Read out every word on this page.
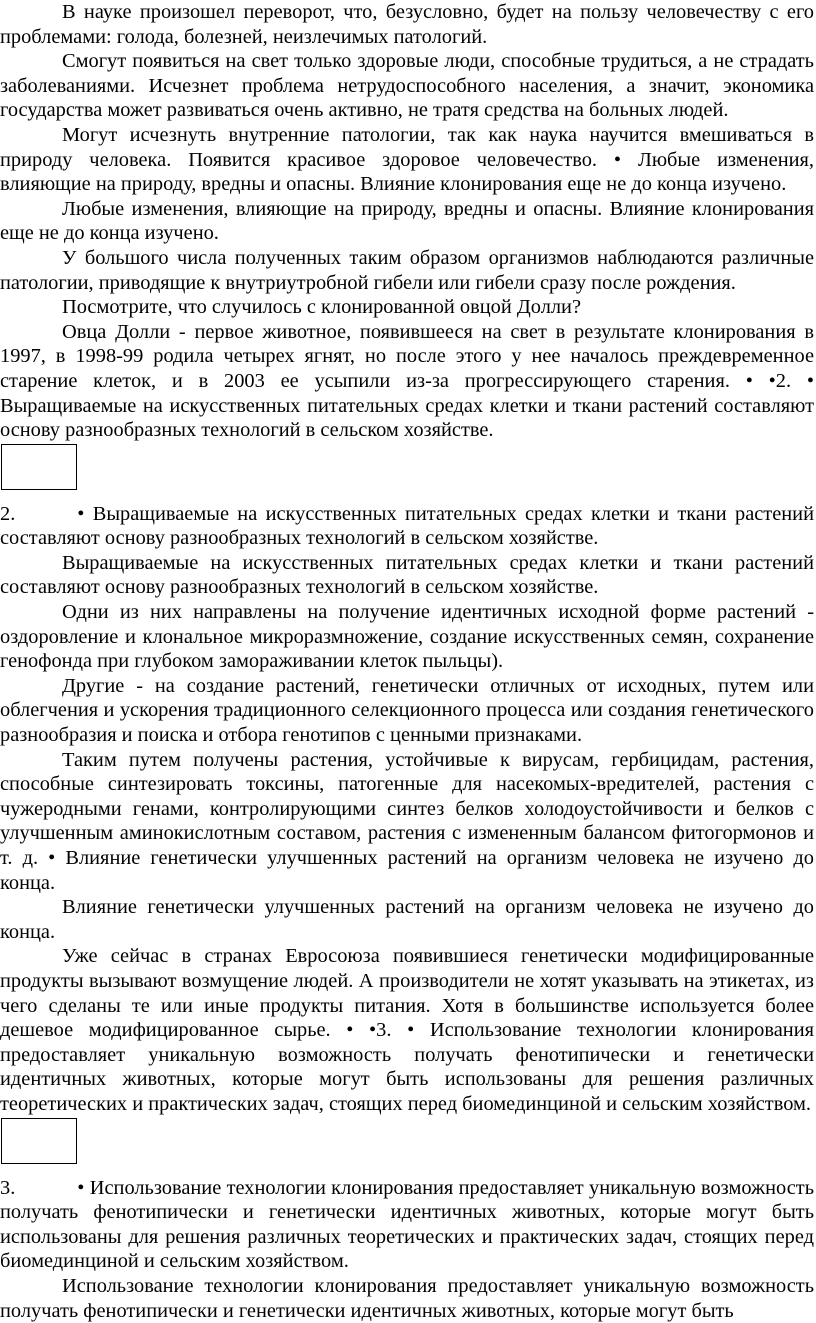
В науке произошел переворот, что, безусловно, будет на пользу человечеству с его проблемами: голода, болезней, неизлечимых патологий.

Смогут появиться на свет только здоровые люди, способные трудиться, а не страдать заболеваниями. Исчезнет проблема нетрудоспособного населения, а значит, экономика государства может развиваться очень активно, не тратя средства на больных людей.

Могут исчезнуть внутренние патологии, так как наука научится вмешиваться в природу человека. Появится красивое здоровое человечество. • Любые изменения, влияющие на природу, вредны и опасны. Влияние клонирования еще не до конца изучено.

Любые изменения, влияющие на природу, вредны и опасны. Влияние клонирования еще не до конца изучено.

У большого числа полученных таким образом организмов наблюдаются различные патологии, приводящие к внутриутробной гибели или гибели сразу после рождения.

Посмотрите, что случилось с клонированной овцой Долли?

Овца Долли - первое животное, появившееся на свет в результате клонирования в 1997, в 1998-99 родила четырех ягнят, но после этого у нее началось преждевременное старение клеток, и в 2003 ее усыпили из-за прогрессирующего старения. • •2. • Выращиваемые на искусственных питательных средах клетки и ткани растений составляют основу разнообразных технологий в сельском хозяйстве.

2.	• Выращиваемые на искусственных питательных средах клетки и ткани растений составляют основу разнообразных технологий в сельском хозяйстве.

Выращиваемые на искусственных питательных средах клетки и ткани растений составляют основу разнообразных технологий в сельском хозяйстве.

Одни из них направлены на получение идентичных исходной форме растений - оздоровление и клональное микроразмножение, создание искусственных семян, сохранение генофонда при глубоком замораживании клеток пыльцы).

Другие - на создание растений, генетически отличных от исходных, путем или облегчения и ускорения традиционного селекционного процесса или создания генетического разнообразия и поиска и отбора генотипов с ценными признаками.

Таким путем получены растения, устойчивые к вирусам, гербицидам, растения, способные синтезировать токсины, патогенные для насекомых-вредителей, растения с чужеродными генами, контролирующими синтез белков холодоустойчивости и белков с улучшенным аминокислотным составом, растения с измененным балансом фитогормонов и т. д. • Влияние генетически улучшенных растений на организм человека не изучено до конца.

Влияние генетически улучшенных растений на организм человека не изучено до конца.

Уже сейчас в странах Евросоюза появившиеся генетически модифицированные продукты вызывают возмущение людей. А производители не хотят указывать на этикетах, из чего сделаны те или иные продукты питания. Хотя в большинстве используется более дешевое модифицированное сырье. • •3. • Использование технологии клонирования предоставляет уникальную возможность получать фенотипически и генетически идентичных животных, которые могут быть использованы для решения различных теоретических и практических задач, стоящих перед биомединциной и сельским хозяйством.

3.	• Использование технологии клонирования предоставляет уникальную возможность получать фенотипически и генетически идентичных животных, которые могут быть использованы для решения различных теоретических и практических задач, стоящих перед биомединциной и сельским хозяйством.

Использование технологии клонирования предоставляет уникальную возможность получать фенотипически и генетически идентичных животных, которые могут быть
